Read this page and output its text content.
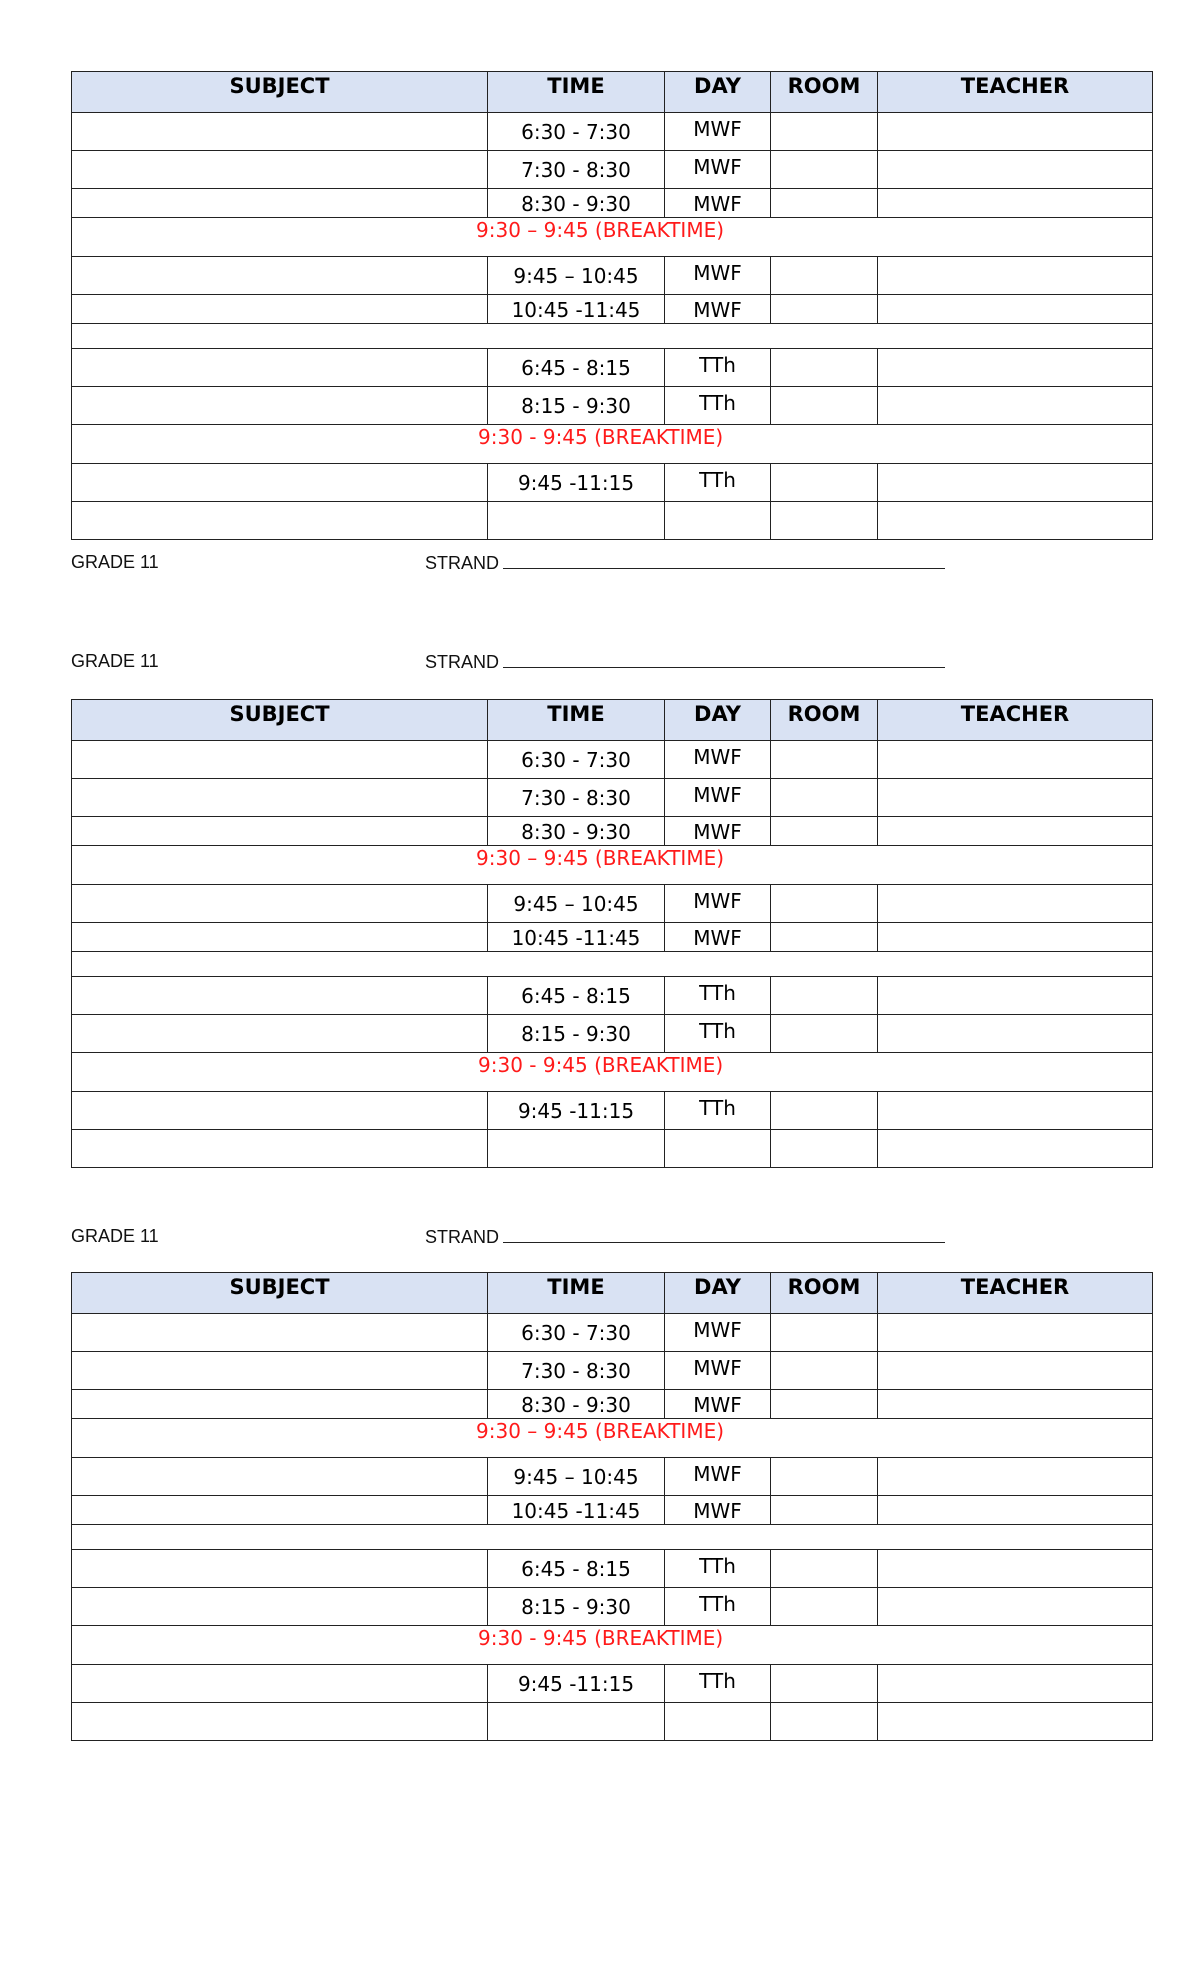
SUBJECT	TIME	DAY	ROOM	TEACHER
	6:30 - 7:30	MWF		
	7:30 - 8:30	MWF		
	8:30 - 9:30	MWF		
9:30 – 9:45 (BREAKTIME)				
	9:45 – 10:45	MWF		
	10:45 -11:45	MWF		

	6:45 - 8:15	TTh		
	8:15 - 9:30	TTh		
9:30 - 9:45 (BREAKTIME)				
	9:45 -11:15	TTh		

GRADE 11	STRAND
GRADE 11	STRAND
SUBJECT	TIME	DAY	ROOM	TEACHER
	6:30 - 7:30	MWF		
	7:30 - 8:30	MWF		
	8:30 - 9:30	MWF		
9:30 – 9:45 (BREAKTIME)				
	9:45 – 10:45	MWF		
	10:45 -11:45	MWF		

	6:45 - 8:15	TTh		
	8:15 - 9:30	TTh		
9:30 - 9:45 (BREAKTIME)				
	9:45 -11:15	TTh		

GRADE 11	STRAND
SUBJECT	TIME	DAY	ROOM	TEACHER
	6:30 - 7:30	MWF		
	7:30 - 8:30	MWF		
	8:30 - 9:30	MWF		
9:30 – 9:45 (BREAKTIME)				
	9:45 – 10:45	MWF		
	10:45 -11:45	MWF		

	6:45 - 8:15	TTh		
	8:15 - 9:30	TTh		
9:30 - 9:45 (BREAKTIME)				
	9:45 -11:15	TTh		
